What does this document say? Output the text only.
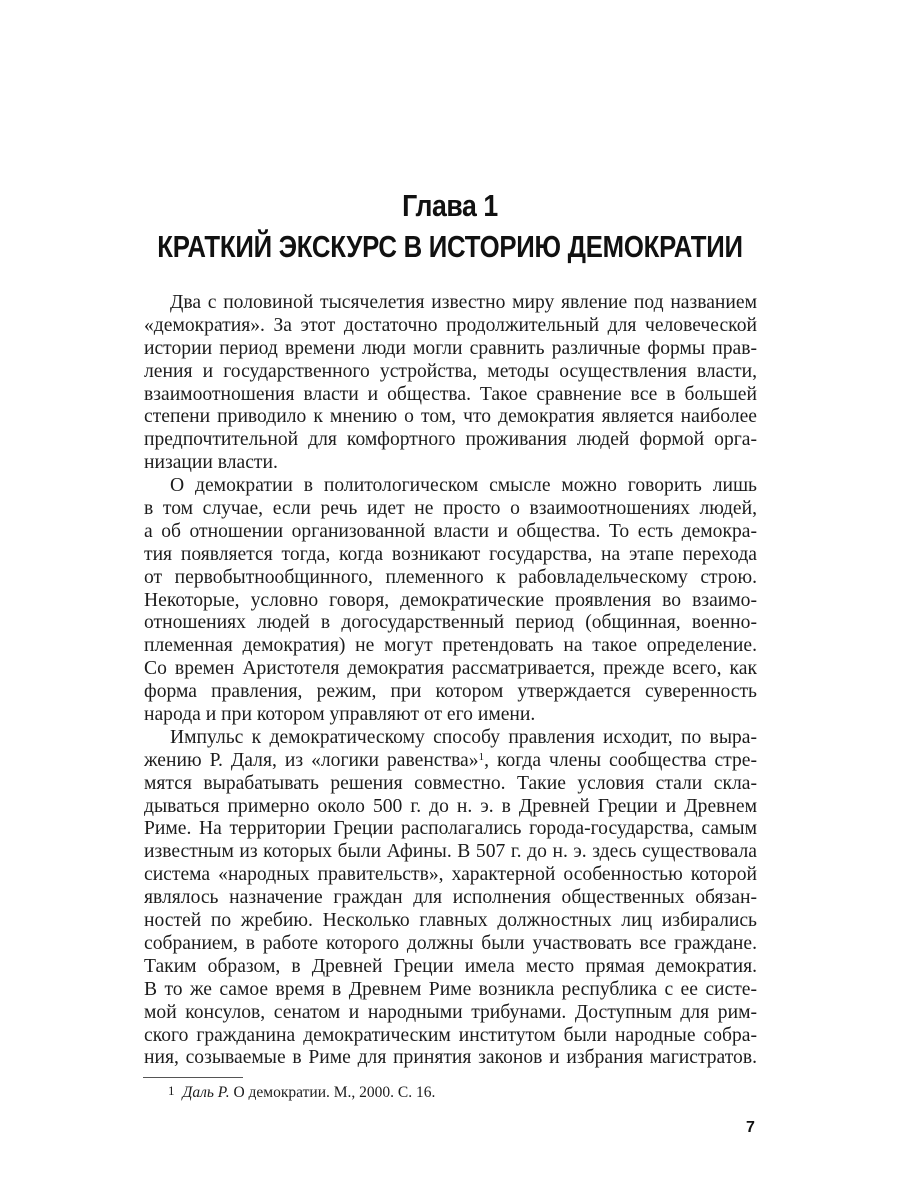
Глава 1
КРАТКИЙ ЭКСКУРС В ИСТОРИЮ ДЕМОКРАТИИ
Два с половиной тысячелетия известно миру явление под названием
«демократия». За этот достаточно продолжительный для человеческой
истории период времени люди могли сравнить различные формы прав-
ления и государственного устройства, методы осуществления власти,
взаимоотношения власти и общества. Такое сравнение все в большей
степени приводило к мнению о том, что демократия является наиболее
предпочтительной для комфортного проживания людей формой орга-
низации власти.
О демократии в политологическом смысле можно говорить лишь
в том случае, если речь идет не просто о взаимоотношениях людей,
а об отношении организованной власти и общества. То есть демокра-
тия появляется тогда, когда возникают государства, на этапе перехода
от первобытнообщинного, племенного к рабовладельческому строю.
Некоторые, условно говоря, демократические проявления во взаимо-
отношениях людей в догосударственный период (общинная, военно-
племенная демократия) не могут претендовать на такое определение.
Со времен Аристотеля демократия рассматривается, прежде всего, как
форма правления, режим, при котором утверждается суверенность
народа и при котором управляют от его имени.
Импульс к демократическому способу правления исходит, по выра-
жению Р. Даля, из «логики равенства»$^1$, когда члены сообщества стре-
мятся вырабатывать решения совместно. Такие условия стали скла-
дываться примерно около 500 г. до н. э. в Древней Греции и Древнем
Риме. На территории Греции располагались города-государства, самым
известным из которых были Афины. В 507 г. до н. э. здесь существовала
система «народных правительств», характерной особенностью которой
являлось назначение граждан для исполнения общественных обязан-
ностей по жребию. Несколько главных должностных лиц избирались
собранием, в работе которого должны были участвовать все граждане.
Таким образом, в Древней Греции имела место прямая демократия.
В то же самое время в Древнем Риме возникла республика с ее систе-
мой консулов, сенатом и народными трибунами. Доступным для рим-
ского гражданина демократическим институтом были народные собра-
ния, созываемые в Риме для принятия законов и избрания магистратов.
1 Даль Р. О демократии. М., 2000. С. 16.
7
